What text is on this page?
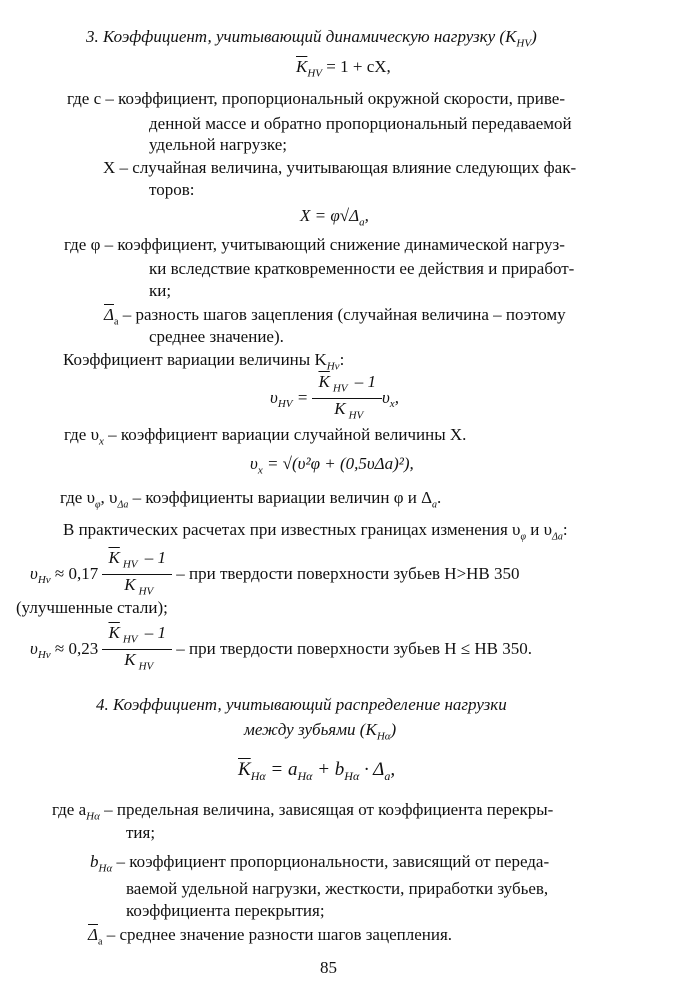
3. Коэффициент, учитывающий динамическую нагрузку $(K_{HV})$
$\overline{K}_{HV} = 1$ + cX,
где c – коэффициент, пропорциональный окружной скорости, приве-
денной массе и обратно пропорциональный передаваемой
удельной нагрузке;
X – случайная величина, учитывающая влияние следующих фак-
торов:
$X = \varphi√\Delta_a$,
где φ – коэффициент, учитывающий снижение динамической нагруз-
ки вследствие кратковременности ее действия и приработ-
ки;
$\overline{\Delta}_a$ – разность шагов зацепления (случайная величина – поэтому
среднее значение).
Коэффициент вариации величины $K_{Hv}$:
$\upsilon_{HV} = \frac{\overline{K} _{HV} - 1}{\overline{K} _{HV}} \upsilon_x$,
где $\upsilon_x$ – коэффициент вариации случайной величины X.
$\upsilon_x = √(\upsilon^2\varphi + (0,5\upsilon\Delta a)^2)$,
где $\upsilon_\varphi$, $\upsilon_{\Delta a}$ – коэффициенты вариации величин φ и $\Delta_a$.
В практических расчетах при известных границах изменения $\upsilon_\varphi$ и $\upsilon_{\Delta a}$:
$\upsilon_{Hv} \approx 0,17 \frac{\overline{K} _{HV} - 1}{\overline{K} _{HV}}$ – при твердости поверхности зубьев H>HB 350
(улучшенные стали);
$\upsilon_{Hv} \approx 0,23 \frac{\overline{K} _{HV} - 1}{\overline{K} _{HV}}$ – при твердости поверхности зубьев H ≤ HB 350.
4. Коэффициент, учитывающий распределение нагрузки
между зубьями $(K_{H\alpha})$
$\overline{K}_{H\alpha} = a_{H\alpha} + b_{H\alpha} \cdot \Delta_a$,
где $a_{H\alpha}$ – предельная величина, зависящая от коэффициента перекры-
тия;
$b_{H\alpha}$ – коэффициент пропорциональности, зависящий от переда-
ваемой удельной нагрузки, жесткости, приработки зубьев,
коэффициента перекрытия;
$\overline{\Delta}_a$ – среднее значение разности шагов зацепления.
85
